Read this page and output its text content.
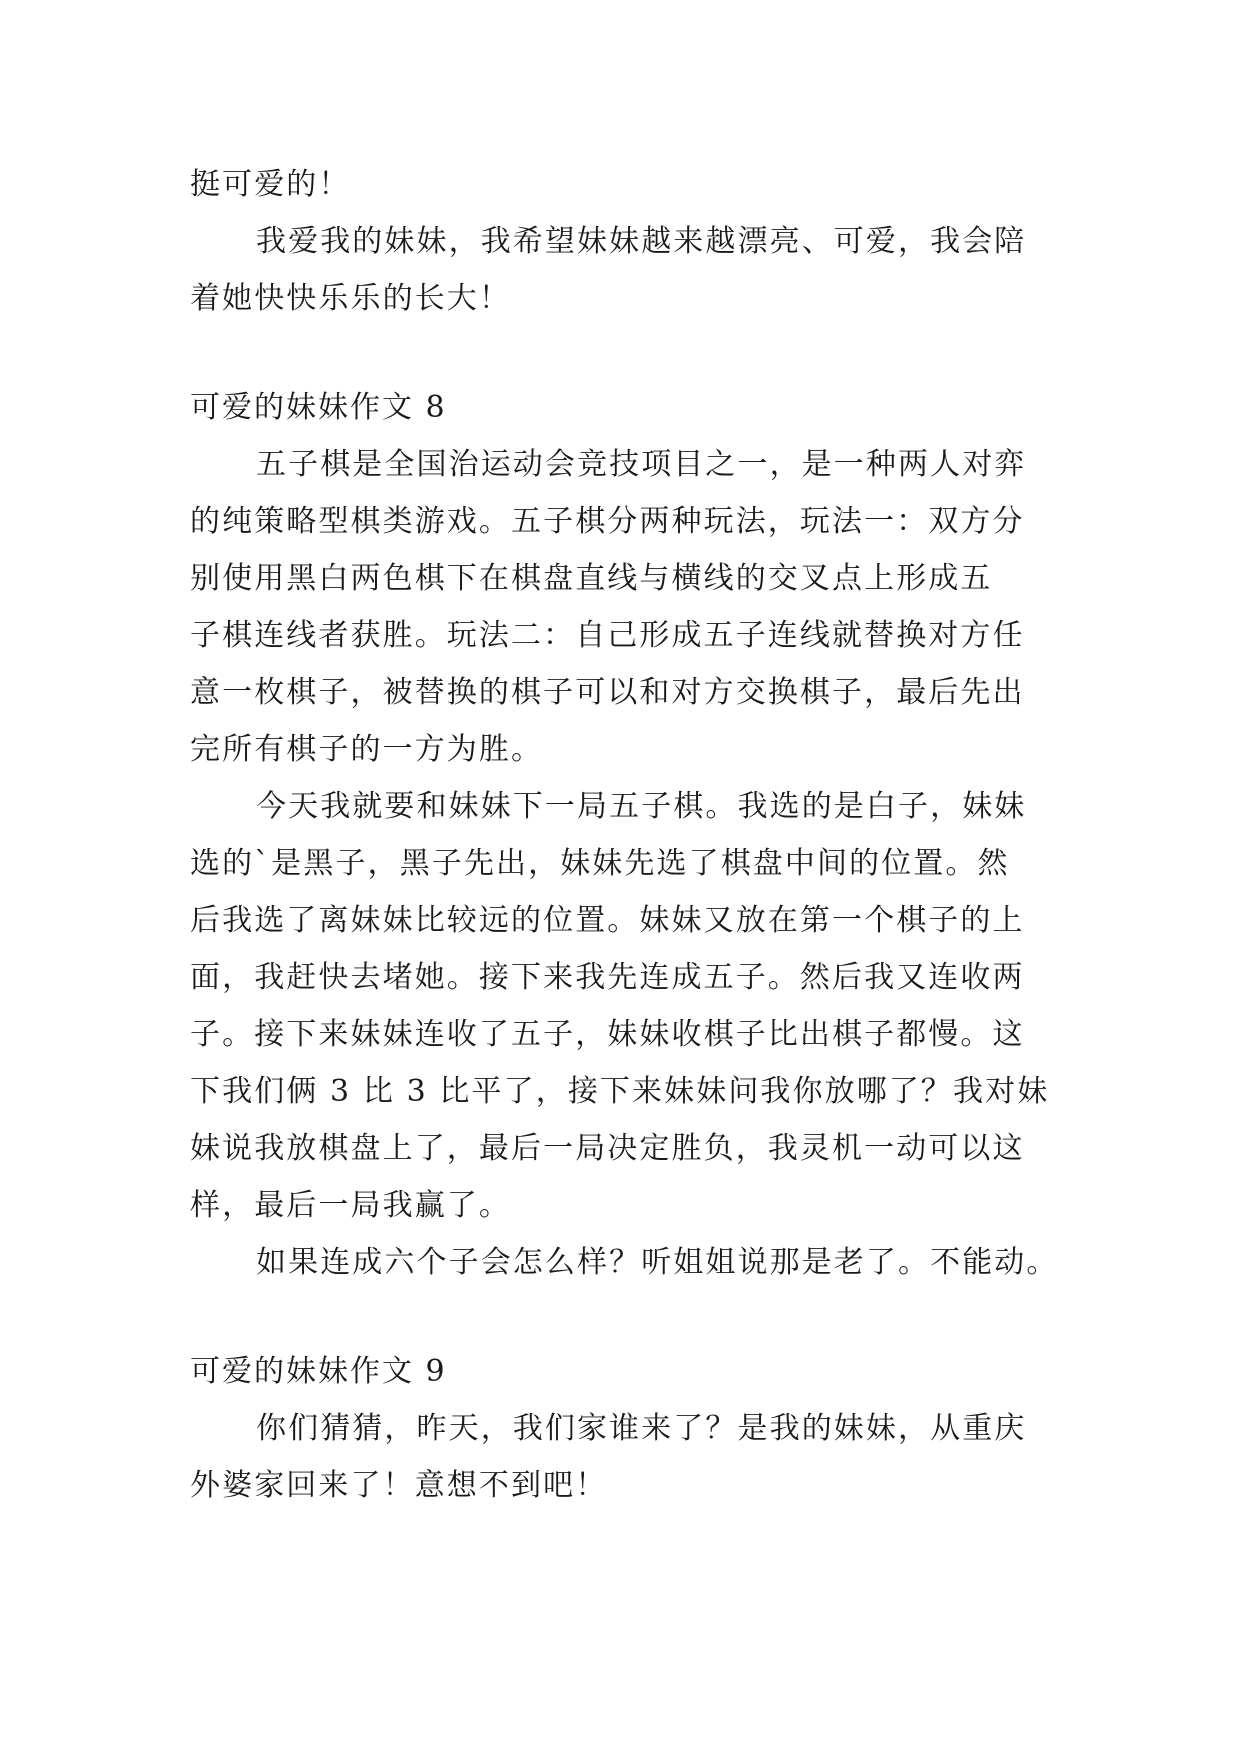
挺可爱的！
我爱我的妹妹，我希望妹妹越来越漂亮、可爱，我会陪
着她快快乐乐的长大！
可爱的妹妹作文 8
五子棋是全国治运动会竞技项目之一，是一种两人对弈
的纯策略型棋类游戏。五子棋分两种玩法，玩法一：双方分
别使用黑白两色棋下在棋盘直线与横线的交叉点上形成五
子棋连线者获胜。玩法二：自己形成五子连线就替换对方任
意一枚棋子，被替换的棋子可以和对方交换棋子，最后先出
完所有棋子的一方为胜。
今天我就要和妹妹下一局五子棋。我选的是白子，妹妹
选的`是黑子，黑子先出，妹妹先选了棋盘中间的位置。然
后我选了离妹妹比较远的位置。妹妹又放在第一个棋子的上
面，我赶快去堵她。接下来我先连成五子。然后我又连收两
子。接下来妹妹连收了五子，妹妹收棋子比出棋子都慢。这
下我们俩 3 比 3 比平了，接下来妹妹问我你放哪了？我对妹
妹说我放棋盘上了，最后一局决定胜负，我灵机一动可以这
样，最后一局我赢了。
如果连成六个子会怎么样？听姐姐说那是老了。不能动。
可爱的妹妹作文 9
你们猜猜，昨天，我们家谁来了？是我的妹妹，从重庆
外婆家回来了！意想不到吧！
